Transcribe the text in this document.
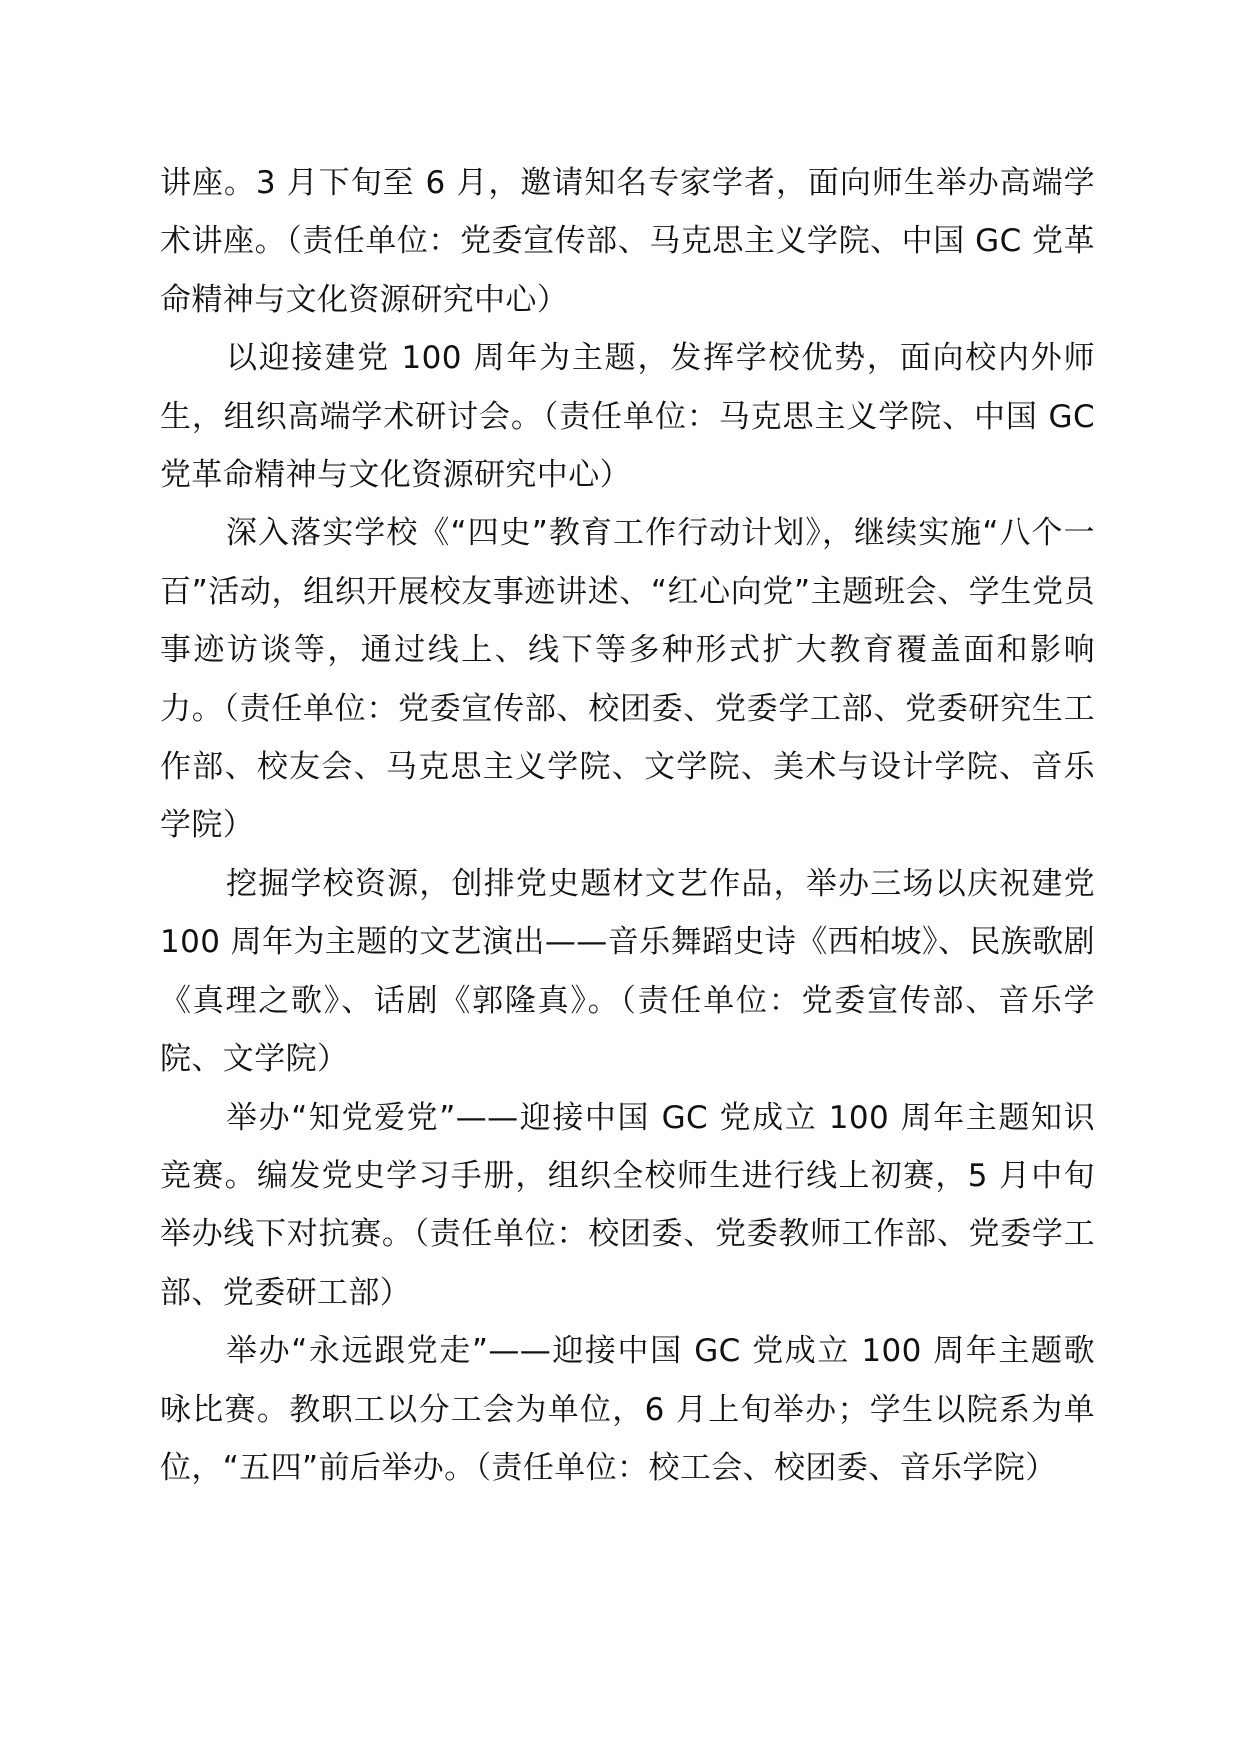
讲座。3 月下旬至 6 月，邀请知名专家学者，面向师生举办高端学术讲座。（责任单位：党委宣传部、马克思主义学院、中国 GC 党革命精神与文化资源研究中心）

以迎接建党 100 周年为主题，发挥学校优势，面向校内外师生，组织高端学术研讨会。（责任单位：马克思主义学院、中国 GC 党革命精神与文化资源研究中心）

深入落实学校《“四史”教育工作行动计划》，继续实施“八个一百”活动，组织开展校友事迹讲述、“红心向党”主题班会、学生党员事迹访谈等，通过线上、线下等多种形式扩大教育覆盖面和影响力。（责任单位：党委宣传部、校团委、党委学工部、党委研究生工作部、校友会、马克思主义学院、文学院、美术与设计学院、音乐学院）

挖掘学校资源，创排党史题材文艺作品，举办三场以庆祝建党 100 周年为主题的文艺演出——音乐舞蹈史诗《西柏坡》、民族歌剧《真理之歌》、话剧《郭隆真》。（责任单位：党委宣传部、音乐学院、文学院）

举办“知党爱党”——迎接中国 GC 党成立 100 周年主题知识竞赛。编发党史学习手册，组织全校师生进行线上初赛，5 月中旬举办线下对抗赛。（责任单位：校团委、党委教师工作部、党委学工部、党委研工部）

举办“永远跟党走”——迎接中国 GC 党成立 100 周年主题歌咏比赛。教职工以分工会为单位，6 月上旬举办；学生以院系为单位，“五四”前后举办。（责任单位：校工会、校团委、音乐学院）
